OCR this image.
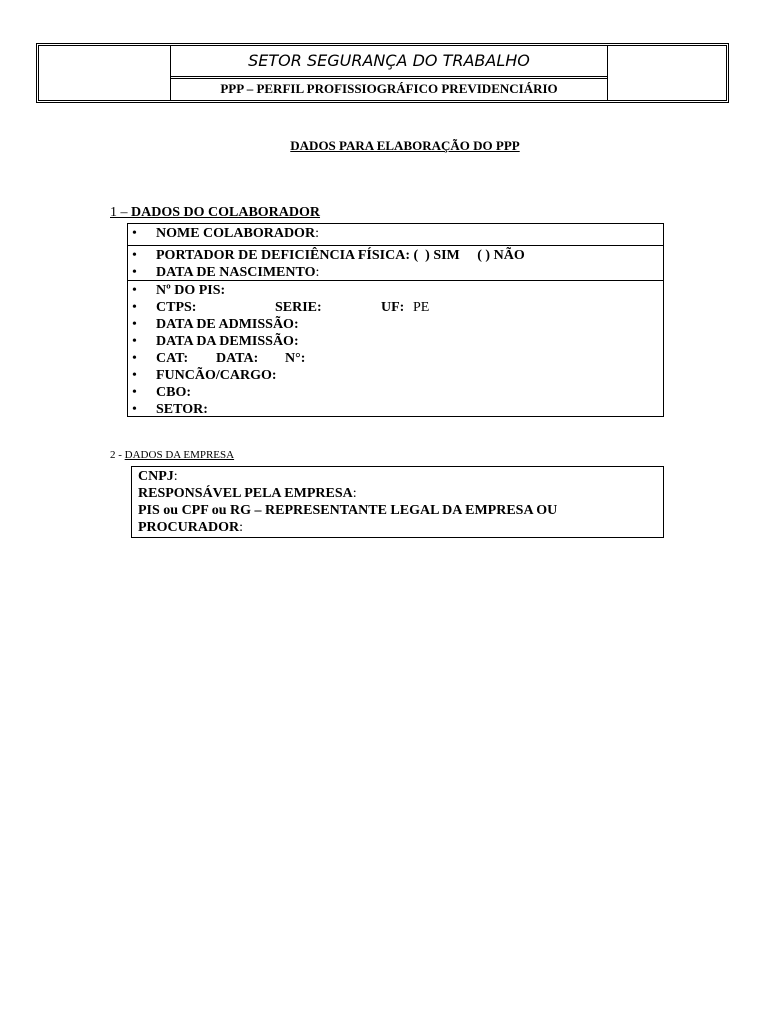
SETOR SEGURANÇA DO TRABALHO
PPP – PERFIL PROFISSIOGRÁFICO PREVIDENCIÁRIO
DADOS PARA ELABORAÇÃO DO PPP
1 – DADOS DO COLABORADOR
• NOME COLABORADOR:
• PORTADOR DE DEFICIÊNCIA FÍSICA: (  ) SIM     ( ) NÃO
• DATA DE NASCIMENTO:
• Nº DO PIS:
• CTPS:	SERIE:	UF: PE
• DATA DE ADMISSÃO:
• DATA DA DEMISSÃO:
• CAT: DATA: N°:
• FUNCÃO/CARGO:
• CBO:
• SETOR:
2 - DADOS DA EMPRESA
CNPJ:
RESPONSÁVEL PELA EMPRESA:
PIS ou CPF ou RG – REPRESENTANTE LEGAL DA EMPRESA OU
PROCURADOR:
